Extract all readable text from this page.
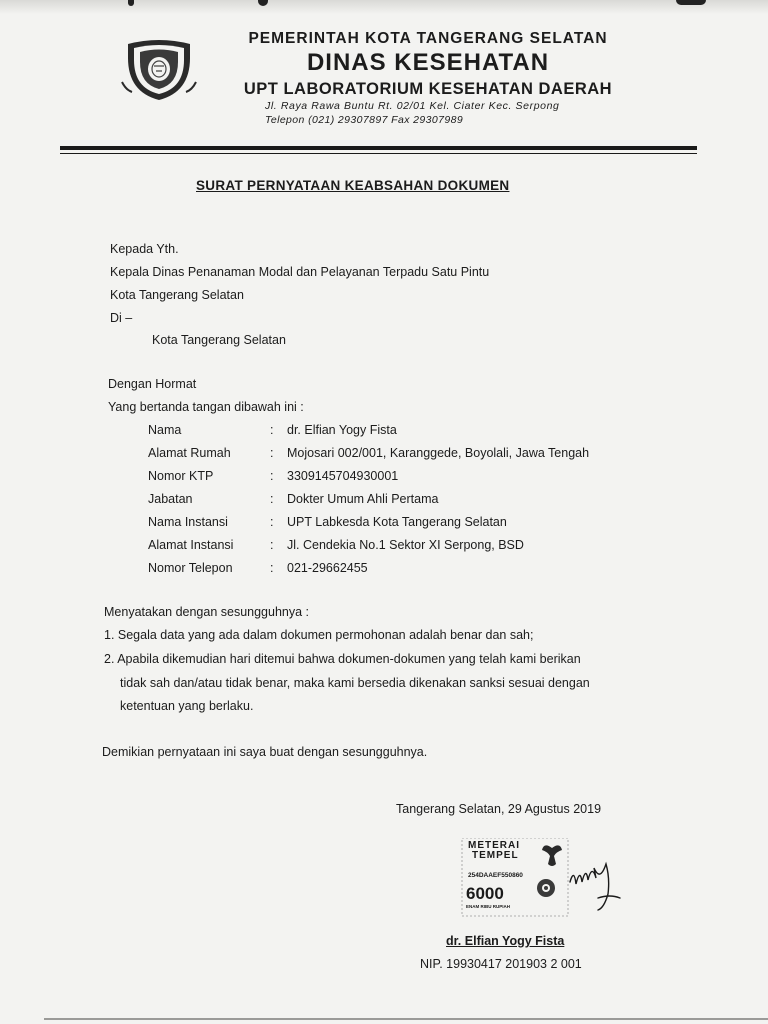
PEMERINTAH KOTA TANGERANG SELATAN
DINAS KESEHATAN
UPT LABORATORIUM KESEHATAN DAERAH
Jl. Raya Rawa Buntu Rt. 02/01 Kel. Ciater Kec. Serpong
Telepon (021) 29307897 Fax 29307989
SURAT PERNYATAAN KEABSAHAN DOKUMEN
Kepada Yth.
Kepala Dinas Penanaman Modal dan Pelayanan Terpadu Satu Pintu
Kota Tangerang Selatan
Di –
Kota Tangerang Selatan
Dengan Hormat
Yang bertanda tangan dibawah ini :
Nama	: dr. Elfian Yogy Fista
Alamat Rumah	: Mojosari 002/001, Karanggede, Boyolali, Jawa Tengah
Nomor KTP	: 3309145704930001
Jabatan	: Dokter Umum Ahli Pertama
Nama Instansi	: UPT Labkesda Kota Tangerang Selatan
Alamat Instansi	: Jl. Cendekia No.1 Sektor XI Serpong, BSD
Nomor Telepon	: 021-29662455
Menyatakan dengan sesungguhnya :
1. Segala data yang ada dalam dokumen permohonan adalah benar dan sah;
2. Apabila dikemudian hari ditemui bahwa dokumen-dokumen yang telah kami berikan
tidak sah dan/atau tidak benar, maka kami bersedia dikenakan sanksi sesuai dengan
ketentuan yang berlaku.
Demikian pernyataan ini saya buat dengan sesungguhnya.
Tangerang Selatan, 29 Agustus 2019
METERAI
TEMPEL
254DAAEF550860
6000
ENAM RIBU RUPIAH
dr. Elfian Yogy Fista
NIP. 19930417 201903 2 001
